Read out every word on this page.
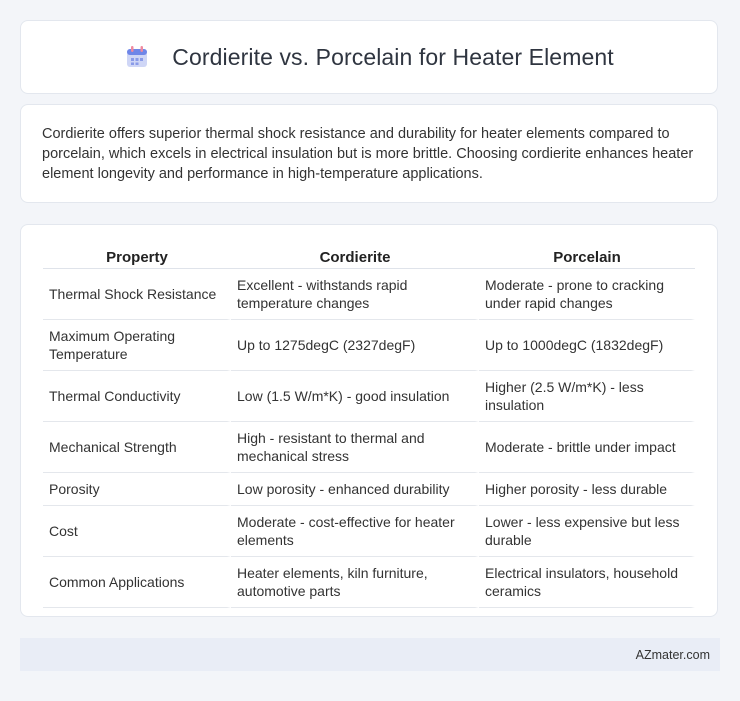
Cordierite vs. Porcelain for Heater Element

Cordierite offers superior thermal shock resistance and durability for heater elements compared to porcelain, which excels in electrical insulation but is more brittle. Choosing cordierite enhances heater element longevity and performance in high-temperature applications.

Property	Cordierite	Porcelain
Thermal Shock Resistance	Excellent - withstands rapid temperature changes	Moderate - prone to cracking under rapid changes
Maximum Operating Temperature	Up to 1275degC (2327degF)	Up to 1000degC (1832degF)
Thermal Conductivity	Low (1.5 W/m*K) - good insulation	Higher (2.5 W/m*K) - less insulation
Mechanical Strength	High - resistant to thermal and mechanical stress	Moderate - brittle under impact
Porosity	Low porosity - enhanced durability	Higher porosity - less durable
Cost	Moderate - cost-effective for heater elements	Lower - less expensive but less durable
Common Applications	Heater elements, kiln furniture, automotive parts	Electrical insulators, household ceramics
AZmater.com
